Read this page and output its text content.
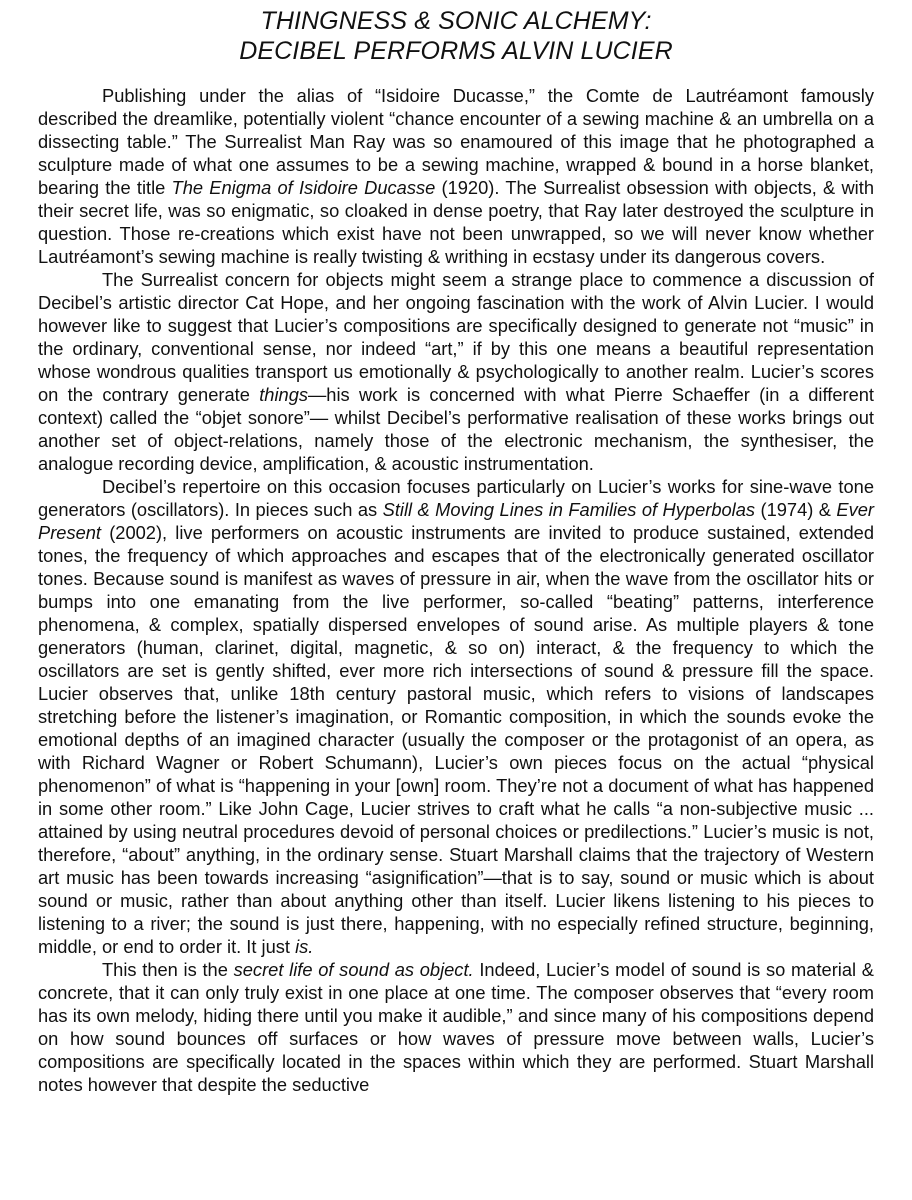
THINGNESS & SONIC ALCHEMY:
DECIBEL PERFORMS ALVIN LUCIER

Publishing under the alias of “Isidoire Ducasse,” the Comte de Lautréamont famously described the dreamlike, potentially violent “chance encounter of a sewing machine & an umbrella on a dissecting table.” The Surrealist Man Ray was so enamoured of this image that he photographed a sculpture made of what one assumes to be a sewing machine, wrapped & bound in a horse blanket, bearing the title The Enigma of Isidoire Ducasse (1920). The Surrealist obsession with objects, & with their secret life, was so enigmatic, so cloaked in dense poetry, that Ray later destroyed the sculpture in question. Those re-creations which exist have not been unwrapped, so we will never know whether Lautréamont’s sewing machine is really twisting & writhing in ecstasy under its dangerous covers.

The Surrealist concern for objects might seem a strange place to commence a discussion of Decibel’s artistic director Cat Hope, and her ongoing fascination with the work of Alvin Lucier. I would however like to suggest that Lucier’s compositions are specifically designed to generate not “music” in the ordinary, conventional sense, nor indeed “art,” if by this one means a beautiful representation whose wondrous qualities transport us emotionally & psychologically to another realm. Lucier’s scores on the contrary generate things—his work is concerned with what Pierre Schaeffer (in a different context) called the “objet sonore”— whilst Decibel’s performative realisation of these works brings out another set of object-relations, namely those of the electronic mechanism, the synthesiser, the analogue recording device, amplification, & acoustic instrumentation.

Decibel’s repertoire on this occasion focuses particularly on Lucier’s works for sine-wave tone generators (oscillators). In pieces such as Still & Moving Lines in Families of Hyperbolas (1974) & Ever Present (2002), live performers on acoustic instruments are invited to produce sustained, extended tones, the frequency of which approaches and escapes that of the electronically generated oscillator tones. Because sound is manifest as waves of pressure in air, when the wave from the oscillator hits or bumps into one emanating from the live performer, so-called “beating” patterns, interference phenomena, & complex, spatially dispersed envelopes of sound arise. As multiple players & tone generators (human, clarinet, digital, magnetic, & so on) interact, & the frequency to which the oscillators are set is gently shifted, ever more rich intersections of sound & pressure fill the space. Lucier observes that, unlike 18th century pastoral music, which refers to visions of landscapes stretching before the listener’s imagination, or Romantic composition, in which the sounds evoke the emotional depths of an imagined character (usually the composer or the protagonist of an opera, as with Richard Wagner or Robert Schumann), Lucier’s own pieces focus on the actual “physical phenomenon” of what is “happening in your [own] room. They’re not a document of what has happened in some other room.” Like John Cage, Lucier strives to craft what he calls “a non-subjective music ... attained by using neutral procedures devoid of personal choices or predilections.” Lucier’s music is not, therefore, “about” anything, in the ordinary sense. Stuart Marshall claims that the trajectory of Western art music has been towards increasing “asignification”—that is to say, sound or music which is about sound or music, rather than about anything other than itself. Lucier likens listening to his pieces to listening to a river; the sound is just there, happening, with no especially refined structure, beginning, middle, or end to order it. It just is.

This then is the secret life of sound as object. Indeed, Lucier’s model of sound is so material & concrete, that it can only truly exist in one place at one time. The composer observes that “every room has its own melody, hiding there until you make it audible,” and since many of his compositions depend on how sound bounces off surfaces or how waves of pressure move between walls, Lucier’s compositions are specifically located in the spaces within which they are performed. Stuart Marshall notes however that despite the seductive
